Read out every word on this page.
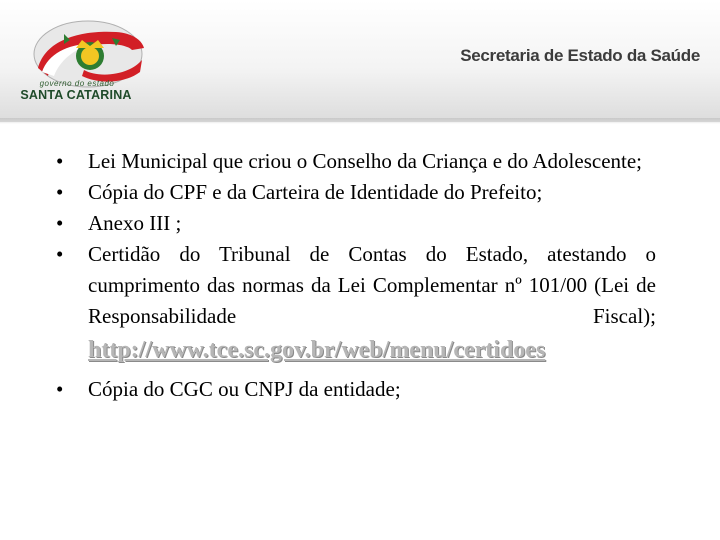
governo do estado
SANTA CATARINA
Secretaria de Estado da Saúde
• Lei Municipal que criou o Conselho da Criança e do Adolescente;
• Cópia do CPF e da Carteira de Identidade do Prefeito;
• Anexo III ;
• Certidão do Tribunal de Contas do Estado, atestando o cumprimento das normas da Lei Complementar nº 101/00 (Lei de Responsabilidade Fiscal);
http://www.tce.sc.gov.br/web/menu/certidoes
• Cópia do CGC ou CNPJ da entidade;
